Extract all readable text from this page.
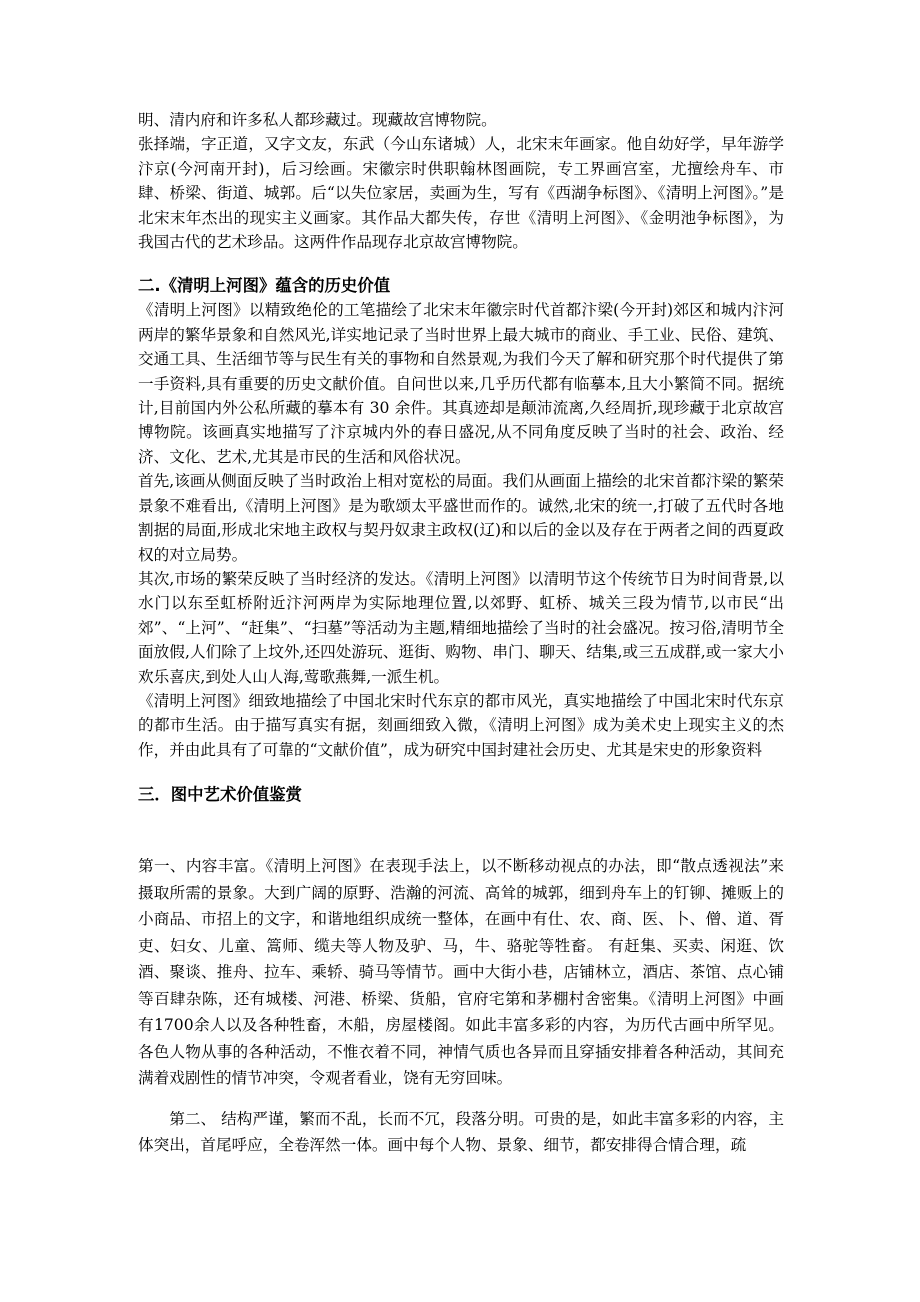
明、清内府和许多私人都珍藏过。现藏故宫博物院。

张择端，字正道，又字文友，东武（今山东诸城）人，北宋末年画家。他自幼好学，早年游学汴京(今河南开封)，后习绘画。宋徽宗时供职翰林图画院，专工界画宫室，尤擅绘舟车、市肆、桥梁、街道、城郭。后“以失位家居，卖画为生，写有《西湖争标图》、《清明上河图》。”是北宋末年杰出的现实主义画家。其作品大都失传，存世《清明上河图》、《金明池争标图》，为我国古代的艺术珍品。这两件作品现存北京故宫博物院。

二.《清明上河图》蕴含的历史价值

《清明上河图》以精致绝伦的工笔描绘了北宋末年徽宗时代首都汴梁(今开封)郊区和城内汴河两岸的繁华景象和自然风光,详实地记录了当时世界上最大城市的商业、手工业、民俗、建筑、交通工具、生活细节等与民生有关的事物和自然景观,为我们今天了解和研究那个时代提供了第一手资料,具有重要的历史文献价值。自问世以来,几乎历代都有临摹本,且大小繁简不同。据统计,目前国内外公私所藏的摹本有 30 余件。其真迹却是颠沛流离,久经周折,现珍藏于北京故宫博物院。该画真实地描写了汴京城内外的春日盛况,从不同角度反映了当时的社会、政治、经济、文化、艺术,尤其是市民的生活和风俗状况。

首先,该画从侧面反映了当时政治上相对宽松的局面。我们从画面上描绘的北宋首都汴梁的繁荣景象不难看出,《清明上河图》是为歌颂太平盛世而作的。诚然,北宋的统一,打破了五代时各地割据的局面,形成北宋地主政权与契丹奴隶主政权(辽)和以后的金以及存在于两者之间的西夏政权的对立局势。

其次,市场的繁荣反映了当时经济的发达。《清明上河图》以清明节这个传统节日为时间背景,以水门以东至虹桥附近汴河两岸为实际地理位置,以郊野、虹桥、城关三段为情节,以市民“出郊”、“上河”、“赶集”、“扫墓”等活动为主题,精细地描绘了当时的社会盛况。按习俗,清明节全面放假,人们除了上坟外,还四处游玩、逛街、购物、串门、聊天、结集,或三五成群,或一家大小欢乐喜庆,到处人山人海,莺歌燕舞,一派生机。

《清明上河图》细致地描绘了中国北宋时代东京的都市风光，真实地描绘了中国北宋时代东京的都市生活。由于描写真实有据，刻画细致入微，《清明上河图》成为美术史上现实主义的杰作，并由此具有了可靠的“文献价值”，成为研究中国封建社会历史、尤其是宋史的形象资料

三．图中艺术价值鉴赏

第一、内容丰富。《清明上河图》在表现手法上，以不断移动视点的办法，即“散点透视法”来摄取所需的景象。大到广阔的原野、浩瀚的河流、高耸的城郭，细到舟车上的钉铆、摊贩上的小商品、市招上的文字，和谐地组织成统一整体，在画中有仕、农、商、医、卜、僧、道、胥吏、妇女、儿童、篙师、缆夫等人物及驴、马，牛、骆驼等牲畜。 有赶集、买卖、闲逛、饮酒、聚谈、推舟、拉车、乘轿、骑马等情节。画中大街小巷，店铺林立，酒店、茶馆、点心铺等百肆杂陈，还有城楼、河港、桥梁、货船，官府宅第和茅棚村舍密集。《清明上河图》中画有1700余人以及各种牲畜，木船，房屋楼阁。如此丰富多彩的内容，为历代古画中所罕见。各色人物从事的各种活动，不惟衣着不同，神情气质也各异而且穿插安排着各种活动，其间充满着戏剧性的情节冲突，令观者看业，饶有无穷回味。

第二、 结构严谨，繁而不乱，长而不冗，段落分明。可贵的是，如此丰富多彩的内容，主体突出，首尾呼应，全卷浑然一体。画中每个人物、景象、细节，都安排得合情合理，疏
